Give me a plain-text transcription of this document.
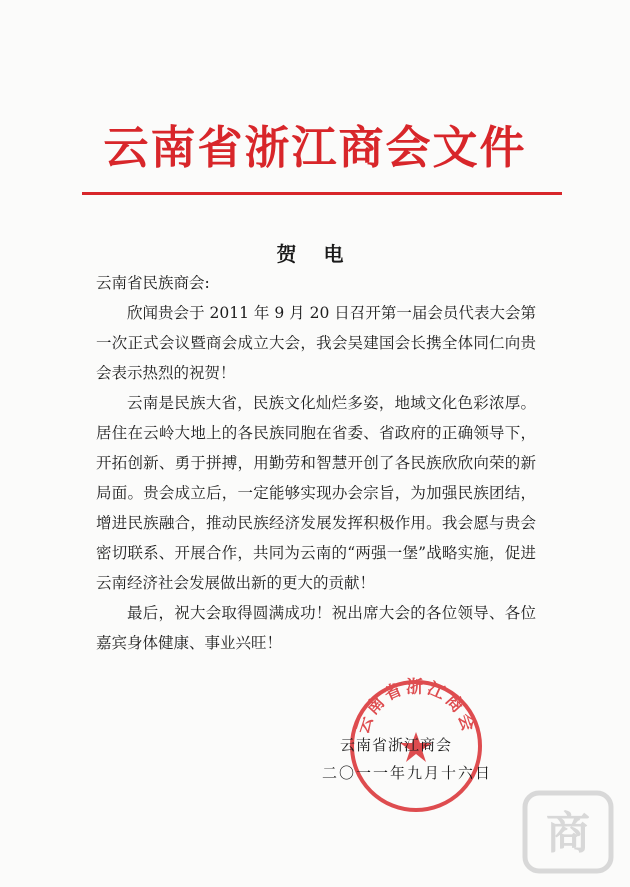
云南省浙江商会文件
贺 电

云南省民族商会:

欣闻贵会于 2011 年 9 月 20 日召开第一届会员代表大会第一次正式会议暨商会成立大会，我会吴建国会长携全体同仁向贵会表示热烈的祝贺！

云南是民族大省，民族文化灿烂多姿，地域文化色彩浓厚。居住在云岭大地上的各民族同胞在省委、省政府的正确领导下，开拓创新、勇于拼搏，用勤劳和智慧开创了各民族欣欣向荣的新局面。贵会成立后，一定能够实现办会宗旨，为加强民族团结，增进民族融合，推动民族经济发展发挥积极作用。我会愿与贵会密切联系、开展合作，共同为云南的“两强一堡”战略实施，促进云南经济社会发展做出新的更大的贡献！

最后，祝大会取得圆满成功！祝出席大会的各位领导、各位嘉宾身体健康、事业兴旺！

云南省浙江商会
云南省浙江商会
二〇一一年九月十六日
商
